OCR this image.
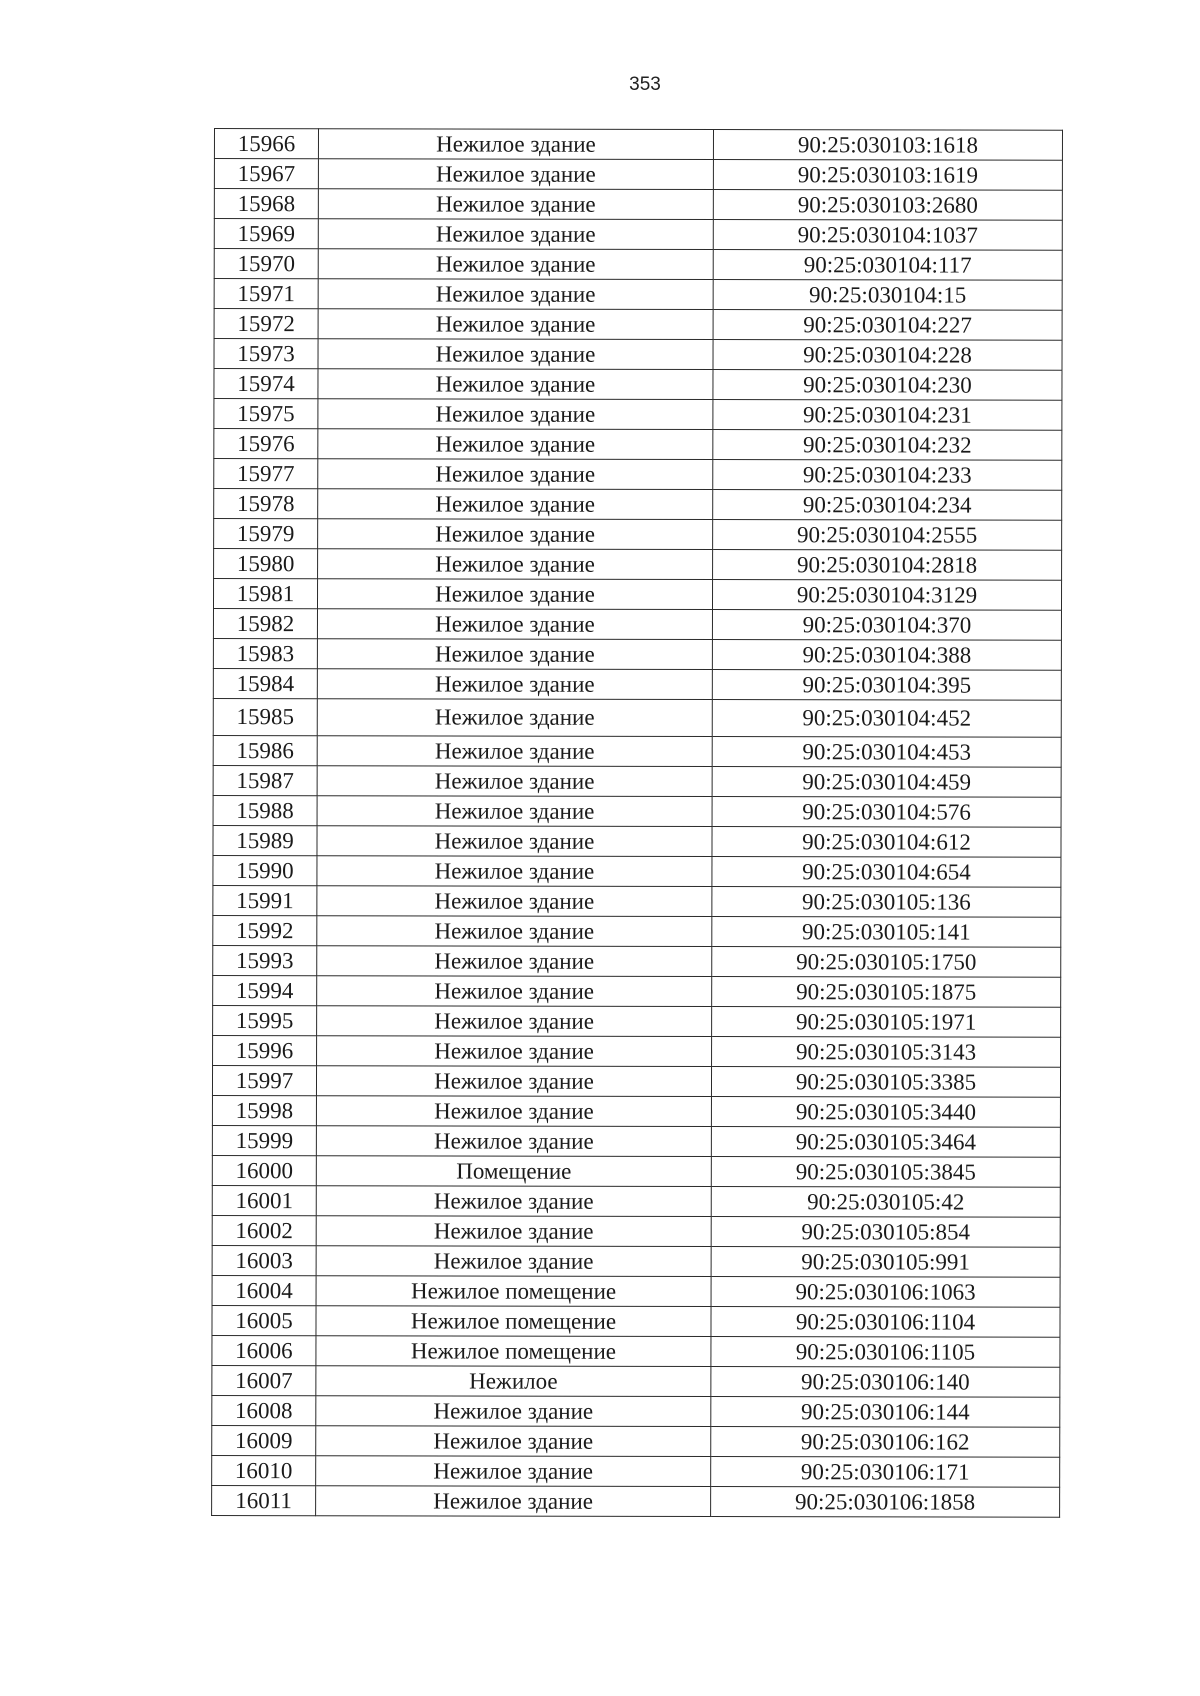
353
15966	Нежилое здание	90:25:030103:1618
15967	Нежилое здание	90:25:030103:1619
15968	Нежилое здание	90:25:030103:2680
15969	Нежилое здание	90:25:030104:1037
15970	Нежилое здание	90:25:030104:117
15971	Нежилое здание	90:25:030104:15
15972	Нежилое здание	90:25:030104:227
15973	Нежилое здание	90:25:030104:228
15974	Нежилое здание	90:25:030104:230
15975	Нежилое здание	90:25:030104:231
15976	Нежилое здание	90:25:030104:232
15977	Нежилое здание	90:25:030104:233
15978	Нежилое здание	90:25:030104:234
15979	Нежилое здание	90:25:030104:2555
15980	Нежилое здание	90:25:030104:2818
15981	Нежилое здание	90:25:030104:3129
15982	Нежилое здание	90:25:030104:370
15983	Нежилое здание	90:25:030104:388
15984	Нежилое здание	90:25:030104:395
15985	Нежилое здание	90:25:030104:452
15986	Нежилое здание	90:25:030104:453
15987	Нежилое здание	90:25:030104:459
15988	Нежилое здание	90:25:030104:576
15989	Нежилое здание	90:25:030104:612
15990	Нежилое здание	90:25:030104:654
15991	Нежилое здание	90:25:030105:136
15992	Нежилое здание	90:25:030105:141
15993	Нежилое здание	90:25:030105:1750
15994	Нежилое здание	90:25:030105:1875
15995	Нежилое здание	90:25:030105:1971
15996	Нежилое здание	90:25:030105:3143
15997	Нежилое здание	90:25:030105:3385
15998	Нежилое здание	90:25:030105:3440
15999	Нежилое здание	90:25:030105:3464
16000	Помещение	90:25:030105:3845
16001	Нежилое здание	90:25:030105:42
16002	Нежилое здание	90:25:030105:854
16003	Нежилое здание	90:25:030105:991
16004	Нежилое помещение	90:25:030106:1063
16005	Нежилое помещение	90:25:030106:1104
16006	Нежилое помещение	90:25:030106:1105
16007	Нежилое	90:25:030106:140
16008	Нежилое здание	90:25:030106:144
16009	Нежилое здание	90:25:030106:162
16010	Нежилое здание	90:25:030106:171
16011	Нежилое здание	90:25:030106:1858
